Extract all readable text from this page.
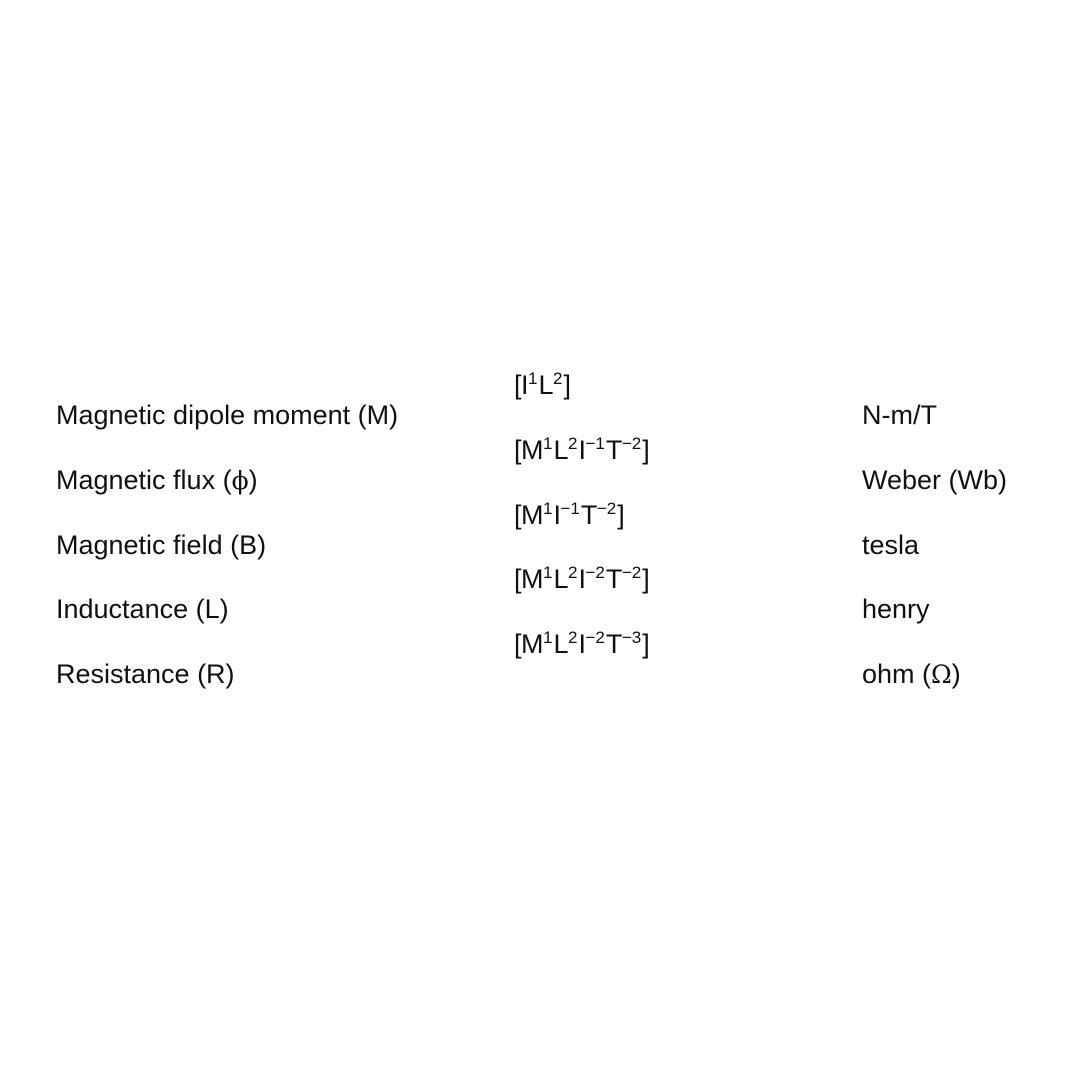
Magnetic dipole moment (M)
$[I^1L^2]$
N-m/T
Magnetic flux (ϕ)
$[M^1L^2I^{-1}T^{-2}]$
Weber (Wb)
Magnetic field (B)
$[M^1I^{-1}T^{-2}]$
tesla
Inductance (L)
$[M^1L^2I^{-2}T^{-2}]$
henry
Resistance (R)
$[M^1L^2I^{-2}T^{-3}]$
ohm (Ω)
